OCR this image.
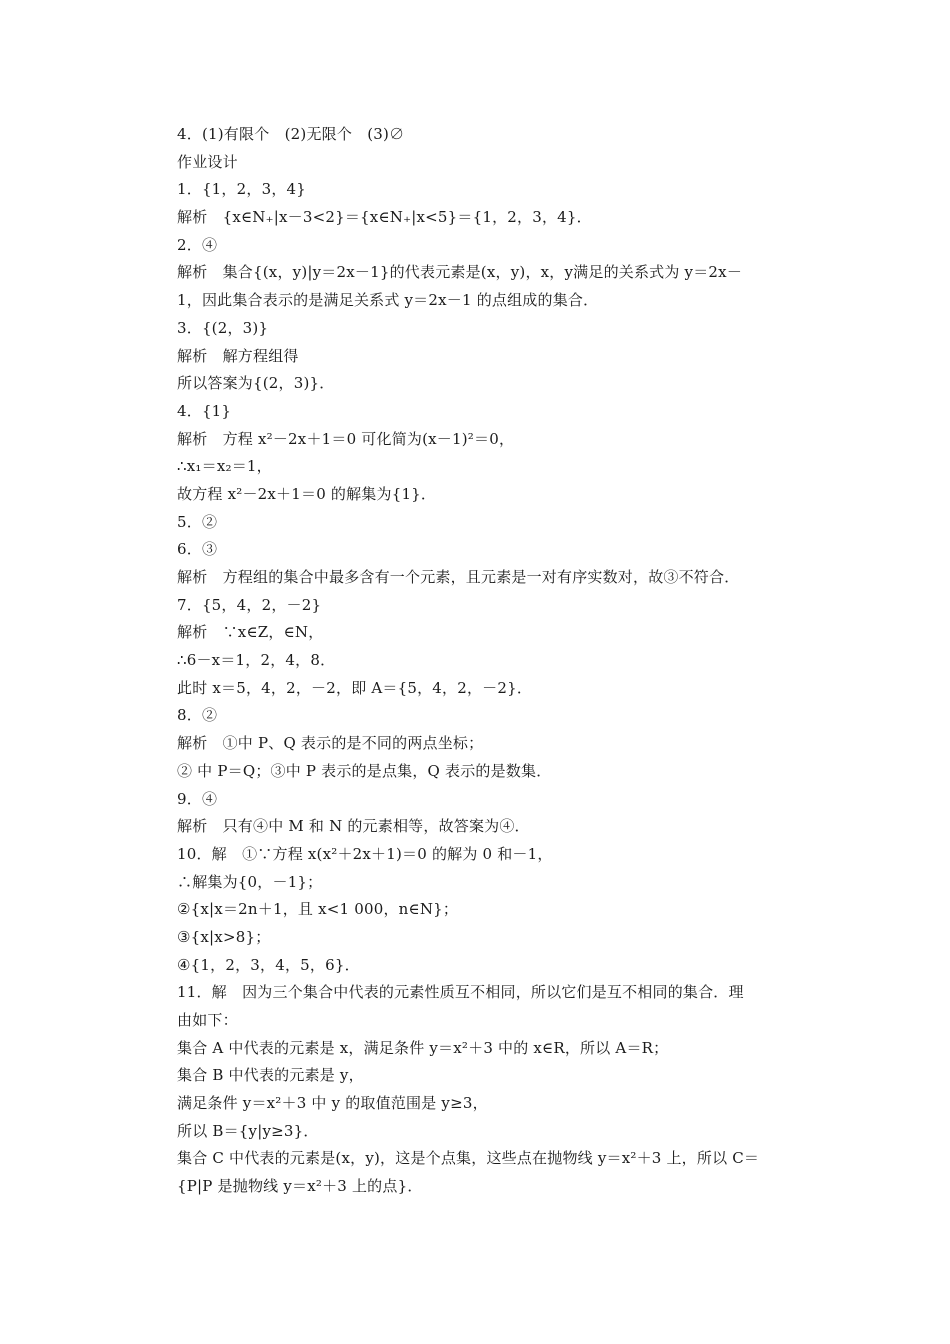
4．(1)有限个　(2)无限个　(3)∅
作业设计
1．{1，2，3，4}
解析　{x∈N₊|x－3<2}＝{x∈N₊|x<5}＝{1，2，3，4}．
2．④
解析　集合{(x，y)|y＝2x－1}的代表元素是(x，y)，x，y满足的关系式为 y＝2x－
1，因此集合表示的是满足关系式 y＝2x－1 的点组成的集合．
3．{(2，3)}
解析　解方程组得
所以答案为{(2，3)}．
4．{1}
解析　方程 x²－2x＋1＝0 可化简为(x－1)²＝0，
∴x₁＝x₂＝1，
故方程 x²－2x＋1＝0 的解集为{1}．
5．②
6．③
解析　方程组的集合中最多含有一个元素，且元素是一对有序实数对，故③不符合．
7．{5，4，2，－2}
解析　∵x∈Z，∈N，
∴6－x＝1，2，4，8．
此时 x＝5，4，2，－2，即 A＝{5，4，2，－2}．
8．②
解析　①中 P、Q 表示的是不同的两点坐标；
② 中 P＝Q；③中 P 表示的是点集，Q 表示的是数集．
9．④
解析　只有④中 M 和 N 的元素相等，故答案为④．
10．解　①∵方程 x(x²＋2x＋1)＝0 的解为 0 和－1，
∴解集为{0，－1}；
②{x|x＝2n＋1，且 x<1 000，n∈N}；
③{x|x>8}；
④{1，2，3，4，5，6}．
11．解　因为三个集合中代表的元素性质互不相同，所以它们是互不相同的集合．理
由如下：
集合 A 中代表的元素是 x，满足条件 y＝x²＋3 中的 x∈R，所以 A＝R；
集合 B 中代表的元素是 y，
满足条件 y＝x²＋3 中 y 的取值范围是 y≥3，
所以 B＝{y|y≥3}．
集合 C 中代表的元素是(x，y)，这是个点集，这些点在抛物线 y＝x²＋3 上，所以 C＝
{P|P 是抛物线 y＝x²＋3 上的点}．
